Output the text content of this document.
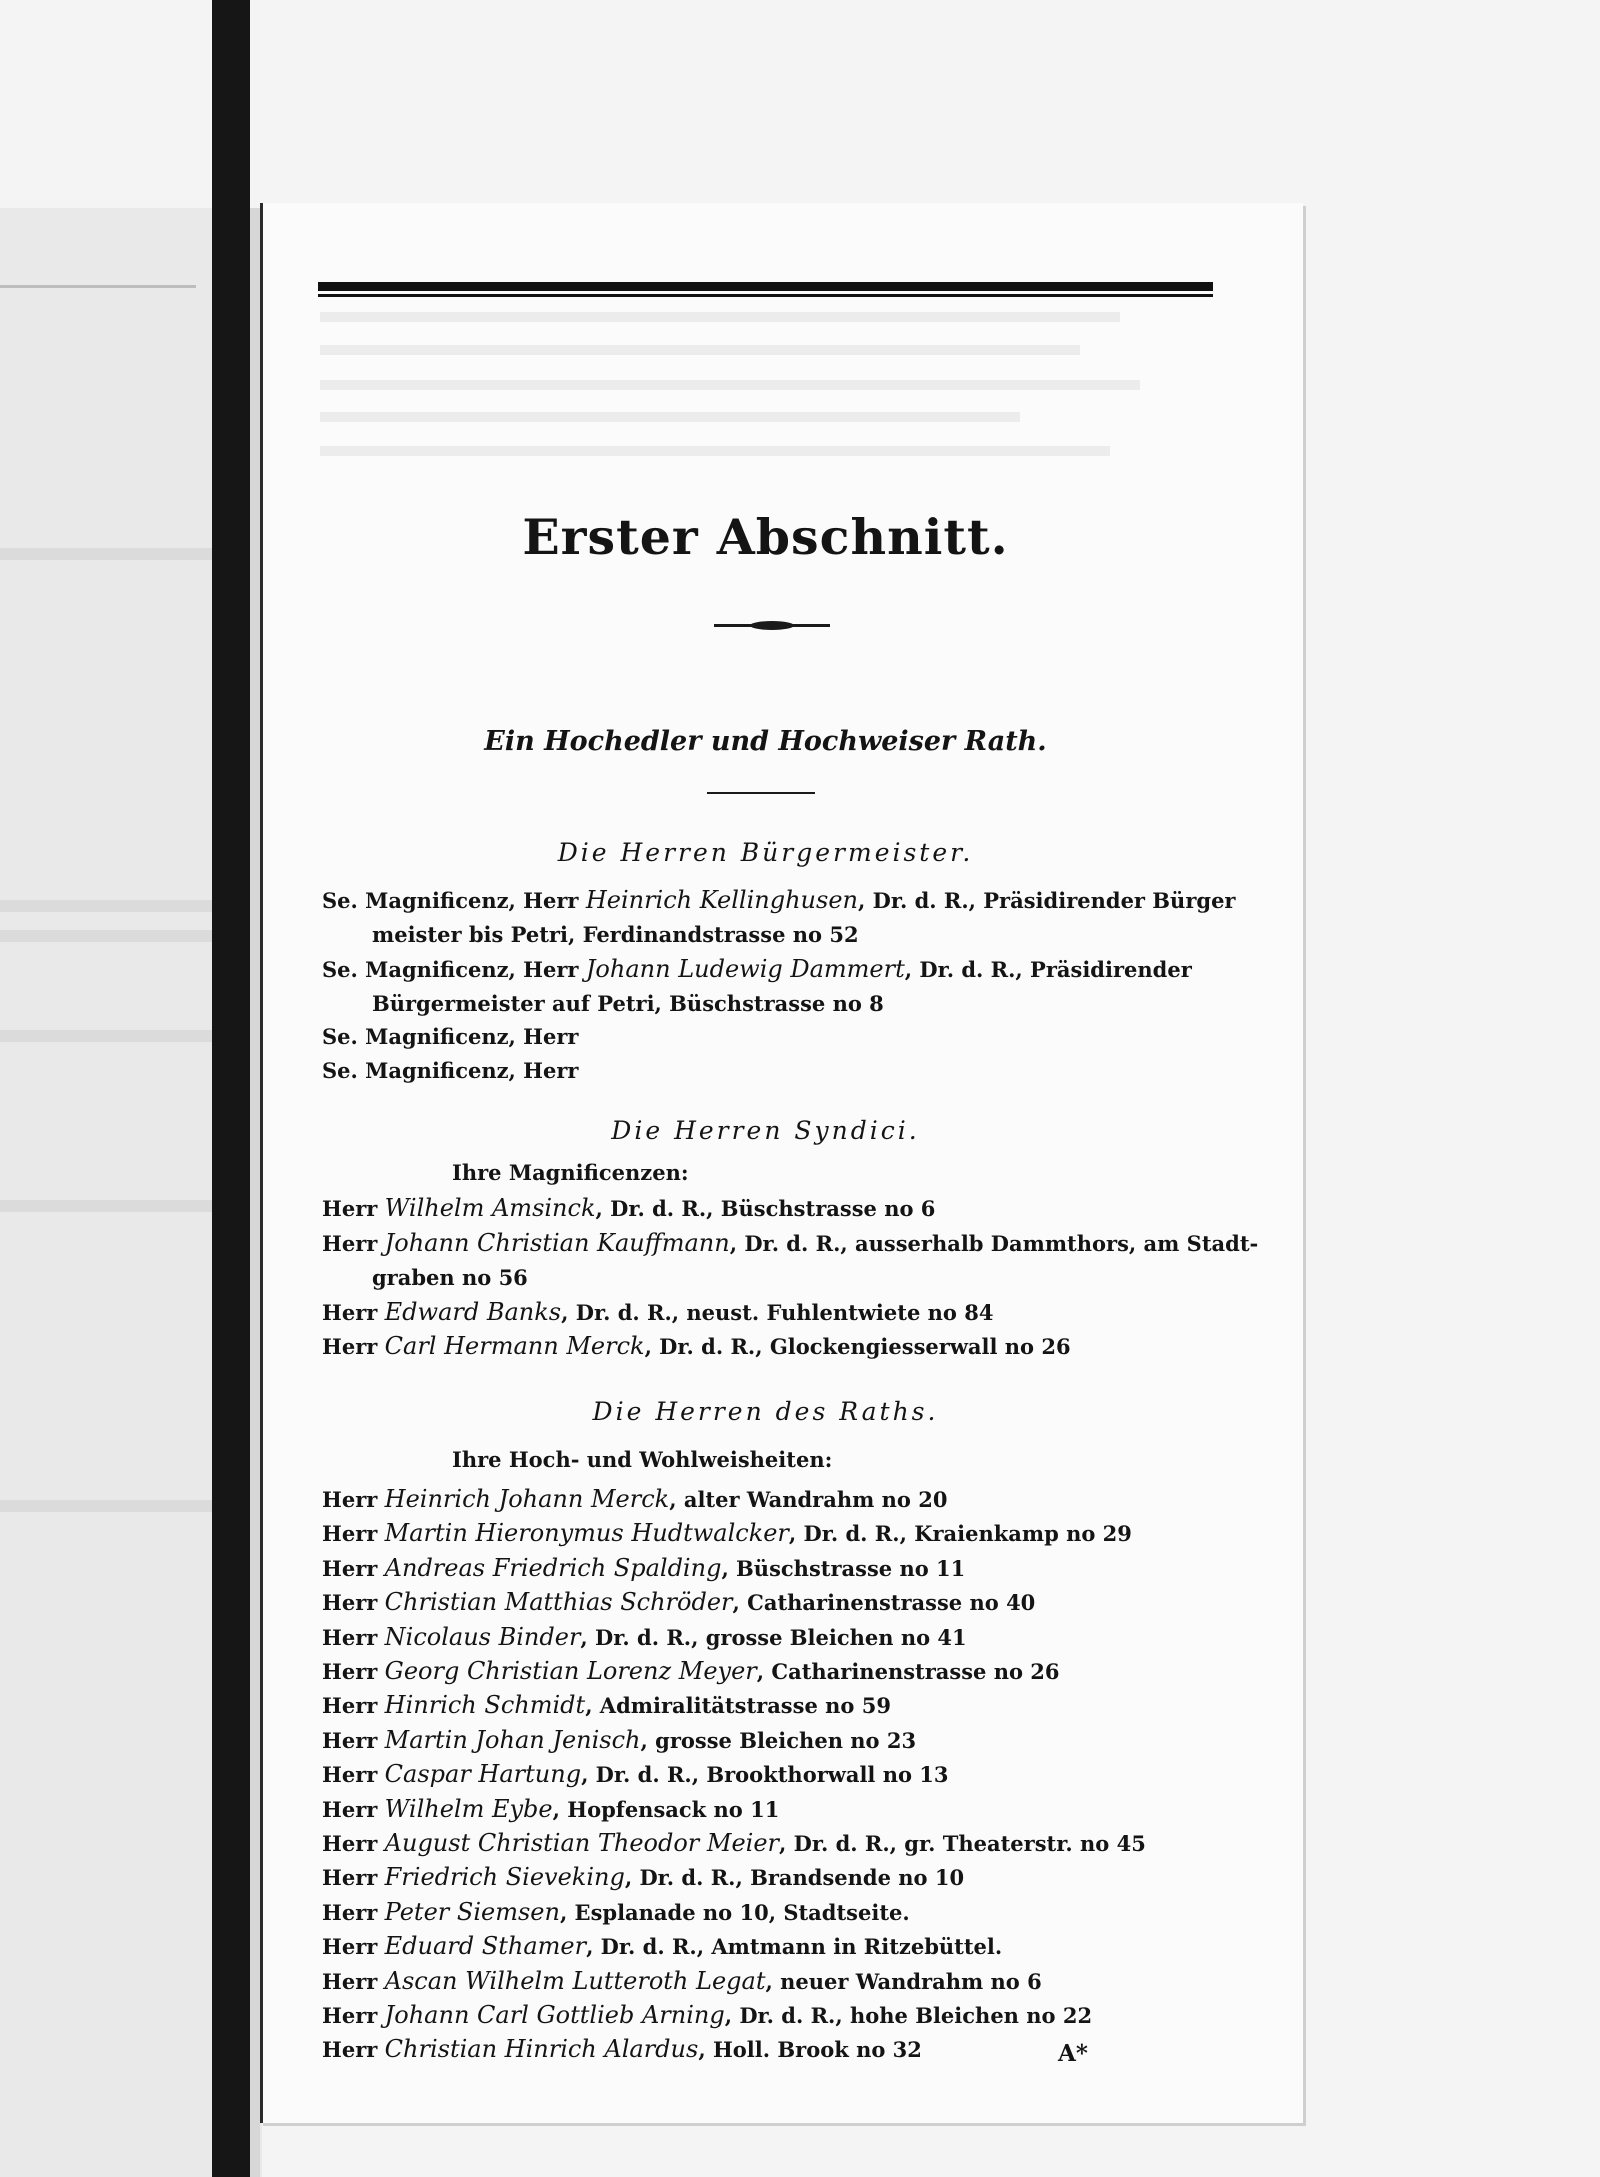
Erster Abschnitt.
Ein Hochedler und Hochweiser Rath.
Die Herren Bürgermeister.
Se. Magnificenz, Herr Heinrich Kellinghusen, Dr. d. R., Präsidirender Bürger
meister bis Petri, Ferdinandstrasse no 52
Se. Magnificenz, Herr Johann Ludewig Dammert, Dr. d. R., Präsidirender
Bürgermeister auf Petri, Büschstrasse no 8
Se. Magnificenz, Herr
Se. Magnificenz, Herr
Die Herren Syndici.
Ihre Magnificenzen:
Herr Wilhelm Amsinck, Dr. d. R., Büschstrasse no 6
Herr Johann Christian Kauffmann, Dr. d. R., ausserhalb Dammthors, am Stadt-
graben no 56
Herr Edward Banks, Dr. d. R., neust. Fuhlentwiete no 84
Herr Carl Hermann Merck, Dr. d. R., Glockengiesserwall no 26
Die Herren des Raths.
Ihre Hoch- und Wohlweisheiten:
Herr Heinrich Johann Merck, alter Wandrahm no 20
Herr Martin Hieronymus Hudtwalcker, Dr. d. R., Kraienkamp no 29
Herr Andreas Friedrich Spalding, Büschstrasse no 11
Herr Christian Matthias Schröder, Catharinenstrasse no 40
Herr Nicolaus Binder, Dr. d. R., grosse Bleichen no 41
Herr Georg Christian Lorenz Meyer, Catharinenstrasse no 26
Herr Hinrich Schmidt, Admiralitätstrasse no 59
Herr Martin Johan Jenisch, grosse Bleichen no 23
Herr Caspar Hartung, Dr. d. R., Brookthorwall no 13
Herr Wilhelm Eybe, Hopfensack no 11
Herr August Christian Theodor Meier, Dr. d. R., gr. Theaterstr. no 45
Herr Friedrich Sieveking, Dr. d. R., Brandsende no 10
Herr Peter Siemsen, Esplanade no 10, Stadtseite.
Herr Eduard Sthamer, Dr. d. R., Amtmann in Ritzebüttel.
Herr Ascan Wilhelm Lutteroth Legat, neuer Wandrahm no 6
Herr Johann Carl Gottlieb Arning, Dr. d. R., hohe Bleichen no 22
Herr Christian Hinrich Alardus, Holl. Brook no 32	A*
